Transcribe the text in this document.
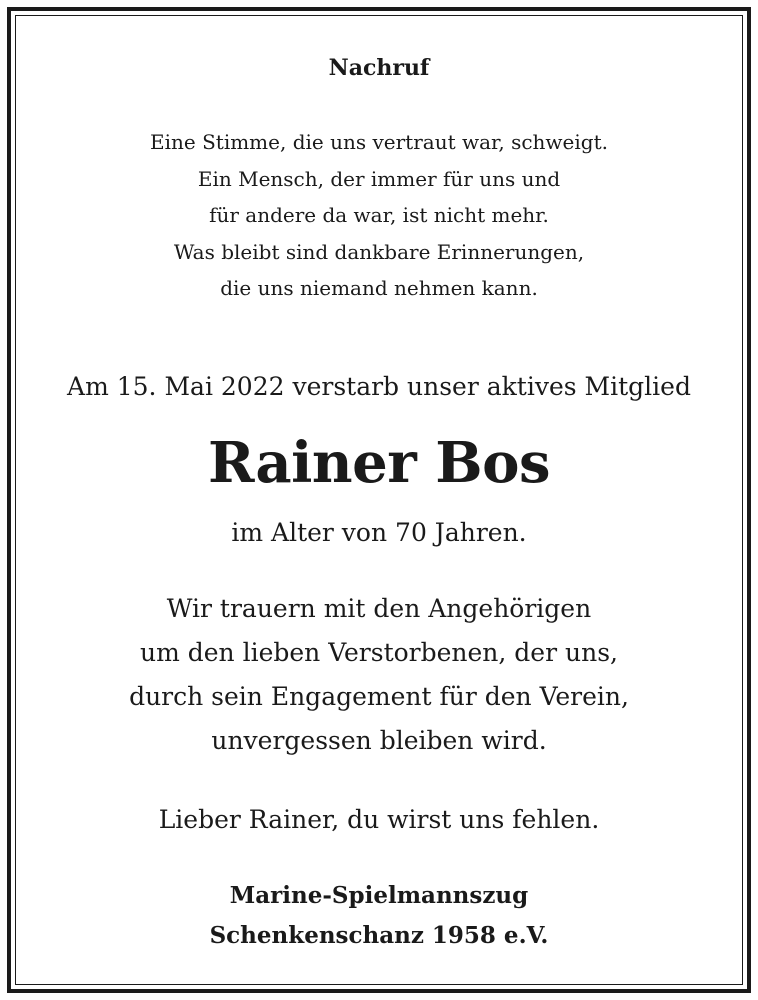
Nachruf
Eine Stimme, die uns vertraut war, schweigt.
Ein Mensch, der immer für uns und
für andere da war, ist nicht mehr.
Was bleibt sind dankbare Erinnerungen,
die uns niemand nehmen kann.
Am 15. Mai 2022 verstarb unser aktives Mitglied
Rainer Bos
im Alter von 70 Jahren.
Wir trauern mit den Angehörigen
um den lieben Verstorbenen, der uns,
durch sein Engagement für den Verein,
unvergessen bleiben wird.
Lieber Rainer, du wirst uns fehlen.
Marine-Spielmannszug
Schenkenschanz 1958 e.V.
